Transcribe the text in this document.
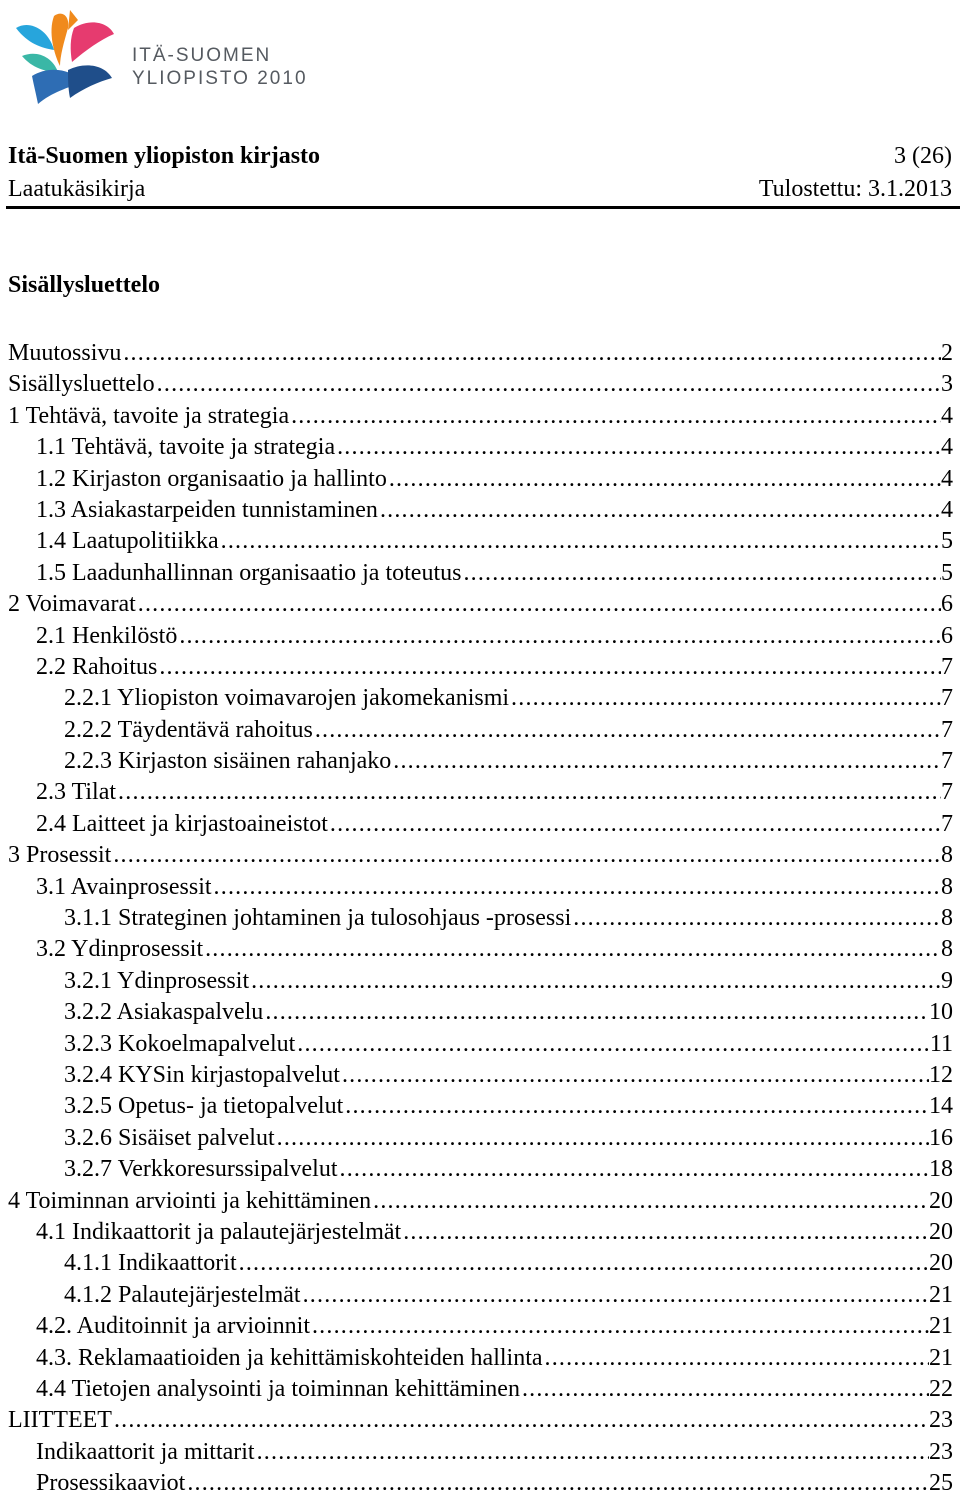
ITÄ-SUOMEN
YLIOPISTO 2010
Itä-Suomen yliopiston kirjasto	3 (26)
Laatukäsikirja	Tulostettu: 3.1.2013
Sisällysluettelo
Muutossivu .....	2
Sisällysluettelo .....	3
1 Tehtävä, tavoite ja strategia .....	4
1.1 Tehtävä, tavoite ja strategia .....	4
1.2 Kirjaston organisaatio ja hallinto .....	4
1.3 Asiakastarpeiden tunnistaminen .....	4
1.4 Laatupolitiikka .....	5
1.5 Laadunhallinnan organisaatio ja toteutus .....	5
2 Voimavarat .....	6
2.1 Henkilöstö .....	6
2.2 Rahoitus .....	7
2.2.1 Yliopiston voimavarojen jakomekanismi .....	7
2.2.2 Täydentävä rahoitus .....	7
2.2.3 Kirjaston sisäinen rahanjako .....	7
2.3 Tilat .....	7
2.4 Laitteet ja kirjastoaineistot .....	7
3 Prosessit .....	8
3.1 Avainprosessit .....	8
3.1.1 Strateginen johtaminen ja tulosohjaus -prosessi .....	8
3.2 Ydinprosessit .....	8
3.2.1 Ydinprosessit .....	9
3.2.2 Asiakaspalvelu .....	10
3.2.3 Kokoelmapalvelut .....	11
3.2.4 KYSin kirjastopalvelut .....	12
3.2.5 Opetus- ja tietopalvelut .....	14
3.2.6 Sisäiset palvelut .....	16
3.2.7 Verkkoresurssipalvelut .....	18
4 Toiminnan arviointi ja kehittäminen .....	20
4.1 Indikaattorit ja palautejärjestelmät .....	20
4.1.1 Indikaattorit .....	20
4.1.2 Palautejärjestelmät .....	21
4.2. Auditoinnit ja arvioinnit .....	21
4.3. Reklamaatioiden ja kehittämiskohteiden hallinta .....	21
4.4 Tietojen analysointi ja toiminnan kehittäminen .....	22
LIITTEET .....	23
Indikaattorit ja mittarit .....	23
Prosessikaaviot .....	25
